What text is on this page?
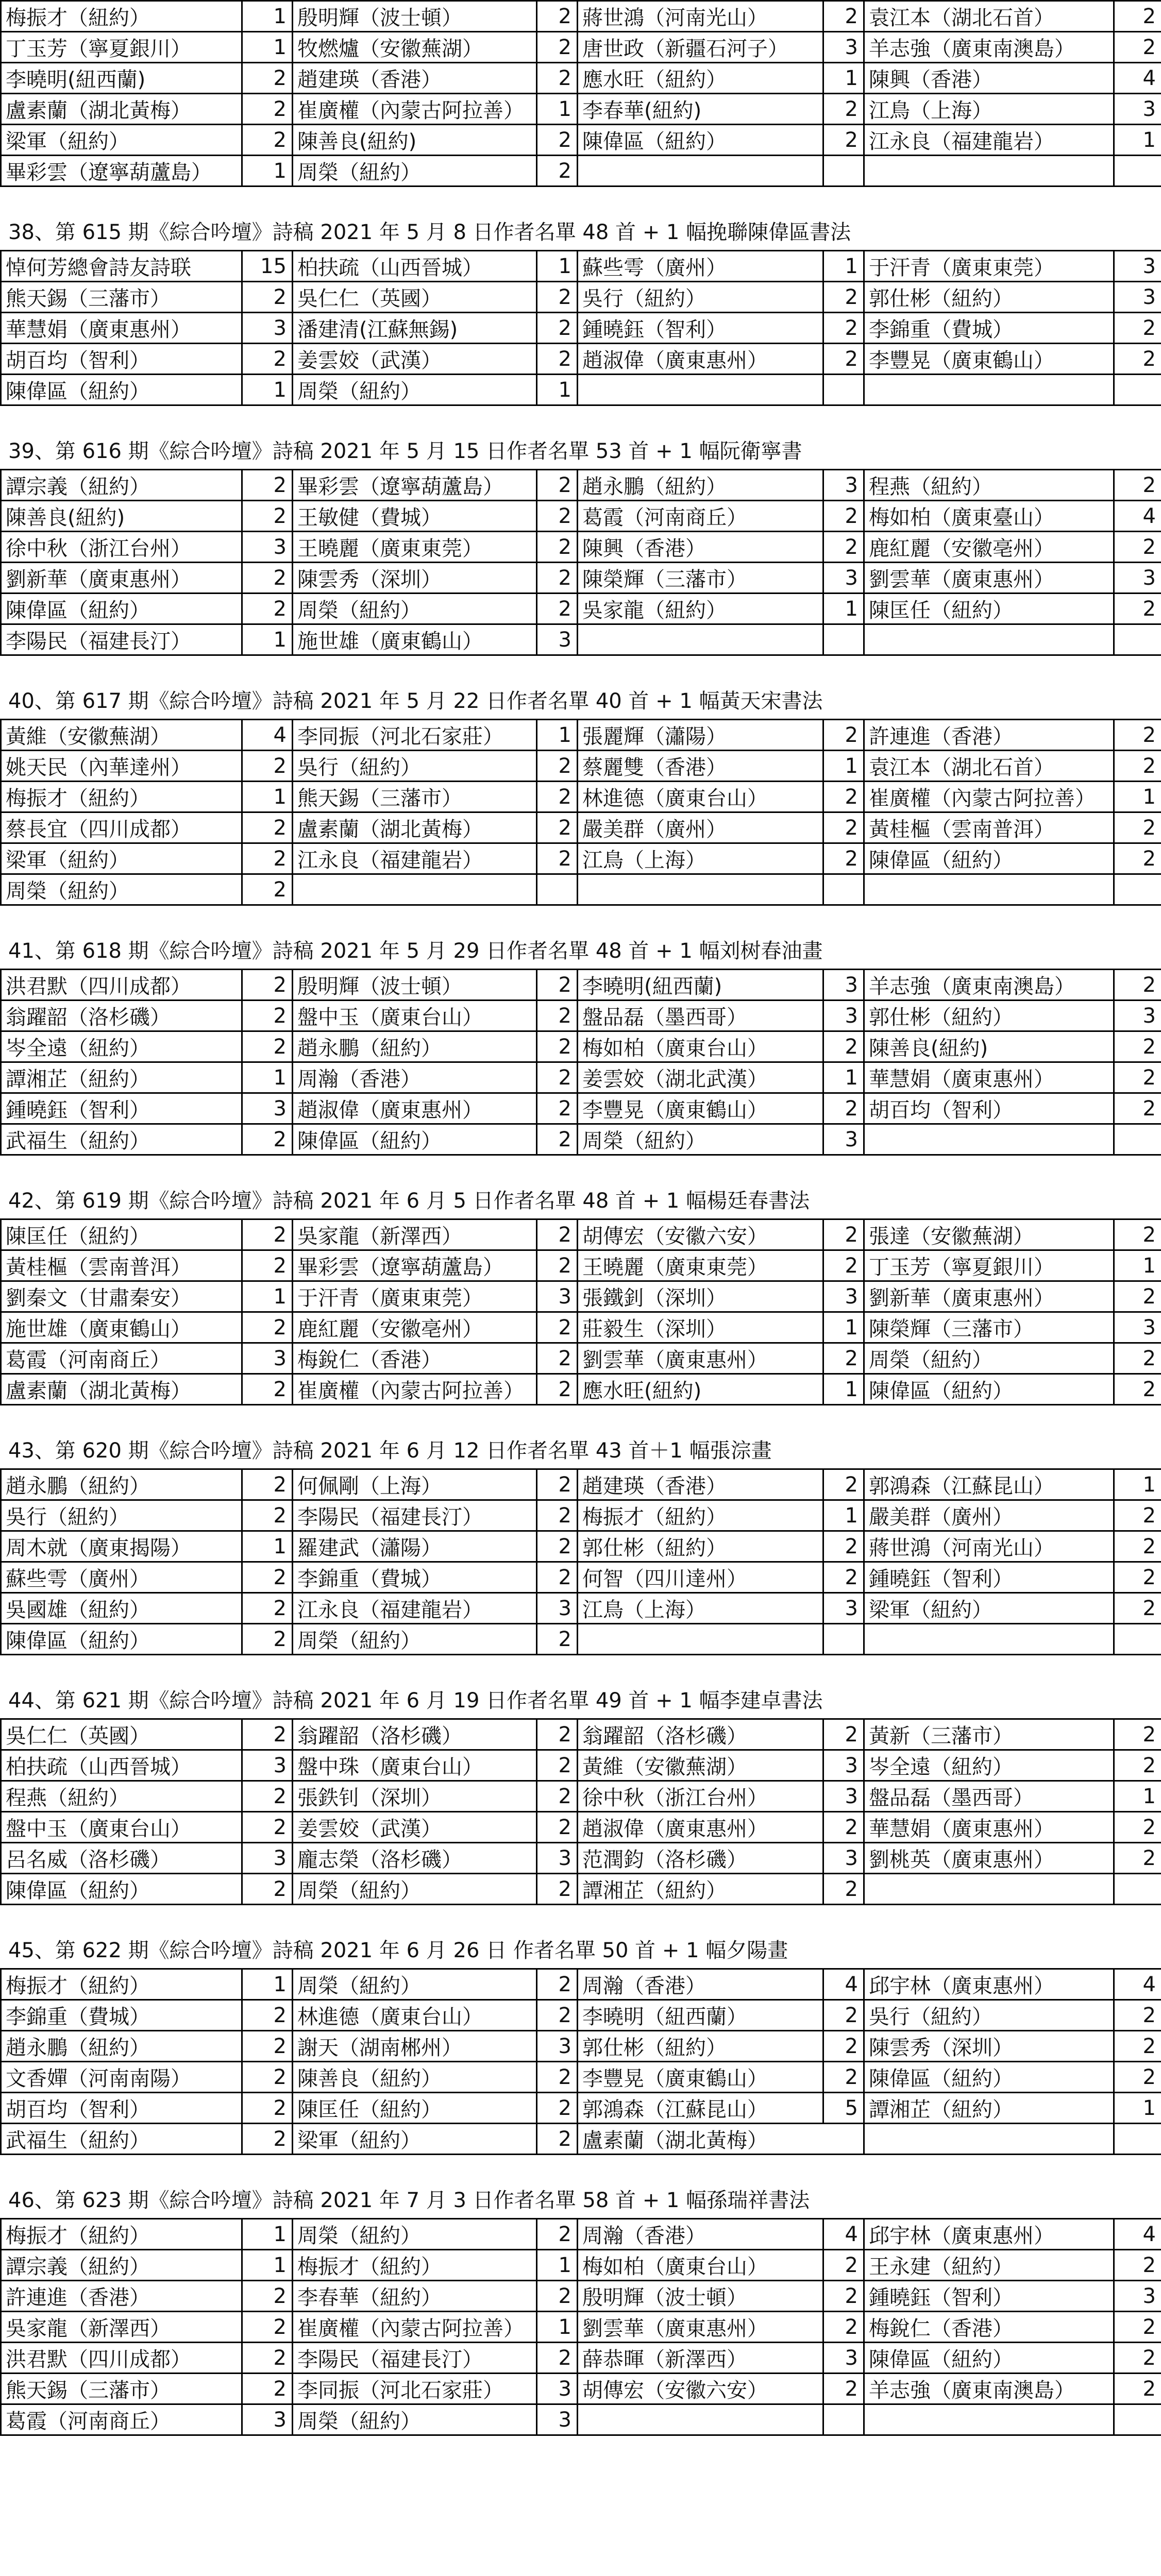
梅振才（紐約）	1	殷明輝（波士頓）	2	蔣世鴻（河南光山）	2	袁江本（湖北石首）	2
丁玉芳（寧夏銀川）	1	牧燃爐（安徽蕪湖）	2	唐世政（新疆石河子）	3	羊志強（廣東南澳島）	2
李曉明(紐西蘭)	2	趙建瑛（香港）	2	應水旺（紐約）	1	陳興（香港）	4
盧素蘭（湖北黃梅）	2	崔廣權（內蒙古阿拉善）	1	李春華(紐約)	2	江鳥（上海）	3
梁軍（紐約）	2	陳善良(紐約)	2	陳偉區（紐約）	2	江永良（福建龍岩）	1
畢彩雲（遼寧葫蘆島）	1	周榮（紐約）	2				
38、第 615 期《綜合吟壇》詩稿 2021 年 5 月 8 日作者名單 48 首 + 1 幅挽聯陳偉區書法
悼何芳總會詩友詩联	15	柏扶疏（山西晉城）	1	蘇些雩（廣州）	1	于汗青（廣東東莞）	3
熊天錫（三藩市）	2	吳仁仁（英國）	2	吳行（紐約）	2	郭仕彬（紐約）	3
華慧娟（廣東惠州）	3	潘建清(江蘇無錫)	2	鍾曉鈺（智利）	2	李錦重（費城）	2
胡百均（智利）	2	姜雲姣（武漢）	2	趙淑偉（廣東惠州）	2	李豐晃（廣東鶴山）	2
陳偉區（紐約）	1	周榮（紐約）	1				
39、第 616 期《綜合吟壇》詩稿 2021 年 5 月 15 日作者名單 53 首 + 1 幅阮衛寧書
譚宗義（紐約）	2	畢彩雲（遼寧葫蘆島）	2	趙永鵬（紐約）	3	程燕（紐約）	2
陳善良(紐約)	2	王敏健（費城）	2	葛霞（河南商丘）	2	梅如柏（廣東臺山）	4
徐中秋（浙江台州）	3	王曉麗（廣東東莞）	2	陳興（香港）	2	鹿紅麗（安徽亳州）	2
劉新華（廣東惠州）	2	陳雲秀（深圳）	2	陳榮輝（三藩市）	3	劉雲華（廣東惠州）	3
陳偉區（紐約）	2	周榮（紐約）	2	吳家龍（紐約）	1	陳匡任（紐約）	2
李陽民（福建長汀）	1	施世雄（廣東鶴山）	3				
40、第 617 期《綜合吟壇》詩稿 2021 年 5 月 22 日作者名單 40 首 + 1 幅黃天宋書法
黃維（安徽蕪湖）	4	李同振（河北石家莊）	1	張麗輝（瀟陽）	2	許連進（香港）	2
姚天民（內華達州）	2	吳行（紐約）	2	蔡麗雙（香港）	1	袁江本（湖北石首）	2
梅振才（紐約）	1	熊天錫（三藩市）	2	林進德（廣東台山）	2	崔廣權（內蒙古阿拉善）	1
蔡長宜（四川成都）	2	盧素蘭（湖北黃梅）	2	嚴美群（廣州）	2	黃桂樞（雲南普洱）	2
梁軍（紐約）	2	江永良（福建龍岩）	2	江鳥（上海）	2	陳偉區（紐約）	2
周榮（紐約）	2						
41、第 618 期《綜合吟壇》詩稿 2021 年 5 月 29 日作者名單 48 首 + 1 幅刘树春油畫
洪君默（四川成都）	2	殷明輝（波士頓）	2	李曉明(紐西蘭)	3	羊志強（廣東南澳島）	2
翁躍韶（洛杉磯）	2	盤中玉（廣東台山）	2	盤品磊（墨西哥）	3	郭仕彬（紐約）	3
岑全遠（紐約）	2	趙永鵬（紐約）	2	梅如柏（廣東台山）	2	陳善良(紐約)	2
譚湘芷（紐約）	1	周瀚（香港）	2	姜雲姣（湖北武漢）	1	華慧娟（廣東惠州）	2
鍾曉鈺（智利）	3	趙淑偉（廣東惠州）	2	李豐晃（廣東鶴山）	2	胡百均（智利）	2
武福生（紐約）	2	陳偉區（紐約）	2	周榮（紐約）	3		
42、第 619 期《綜合吟壇》詩稿 2021 年 6 月 5 日作者名單 48 首 + 1 幅楊廷春書法
陳匡任（紐約）	2	吳家龍（新澤西）	2	胡傳宏（安徽六安）	2	張達（安徽蕪湖）	2
黃桂樞（雲南普洱）	2	畢彩雲（遼寧葫蘆島）	2	王曉麗（廣東東莞）	2	丁玉芳（寧夏銀川）	1
劉秦文（甘肅秦安）	1	于汗青（廣東東莞）	3	張鐵釗（深圳）	3	劉新華（廣東惠州）	2
施世雄（廣東鶴山）	2	鹿紅麗（安徽亳州）	2	莊毅生（深圳）	1	陳榮輝（三藩市）	3
葛霞（河南商丘）	3	梅銳仁（香港）	2	劉雲華（廣東惠州）	2	周榮（紐約）	2
盧素蘭（湖北黃梅）	2	崔廣權（內蒙古阿拉善）	2	應水旺(紐約)	1	陳偉區（紐約）	2
43、第 620 期《綜合吟壇》詩稿 2021 年 6 月 12 日作者名單 43 首＋1 幅張淙畫
趙永鵬（紐約）	2	何佩剛（上海）	2	趙建瑛（香港）	2	郭鴻森（江蘇昆山）	1
吳行（紐約）	2	李陽民（福建長汀）	2	梅振才（紐約）	1	嚴美群（廣州）	2
周木就（廣東揭陽）	1	羅建武（瀟陽）	2	郭仕彬（紐約）	2	蔣世鴻（河南光山）	2
蘇些雩（廣州）	2	李錦重（費城）	2	何智（四川達州）	2	鍾曉鈺（智利）	2
吳國雄（紐約）	2	江永良（福建龍岩）	3	江鳥（上海）	3	梁軍（紐約）	2
陳偉區（紐約）	2	周榮（紐約）	2				
44、第 621 期《綜合吟壇》詩稿 2021 年 6 月 19 日作者名單 49 首 + 1 幅李建卓書法
吳仁仁（英國）	2	翁躍韶（洛杉磯）	2	翁躍韶（洛杉磯）	2	黃新（三藩市）	2
柏扶疏（山西晉城）	3	盤中珠（廣東台山）	2	黃維（安徽蕪湖）	3	岑全遠（紐約）	2
程燕（紐約）	2	張鉄钊（深圳）	2	徐中秋（浙江台州）	3	盤品磊（墨西哥）	1
盤中玉（廣東台山）	2	姜雲姣（武漢）	2	趙淑偉（廣東惠州）	2	華慧娟（廣東惠州）	2
呂名威（洛杉磯）	3	龐志榮（洛杉磯）	3	范潤鈞（洛杉磯）	3	劉桃英（廣東惠州）	2
陳偉區（紐約）	2	周榮（紐約）	2	譚湘芷（紐約）	2		
45、第 622 期《綜合吟壇》詩稿 2021 年 6 月 26 日 作者名單 50 首 + 1 幅夕陽畫
梅振才（紐約）	1	周榮（紐約）	2	周瀚（香港）	4	邱宇林（廣東惠州）	4
李錦重（費城）	2	林進德（廣東台山）	2	李曉明（紐西蘭）	2	吳行（紐約）	2
趙永鵬（紐約）	2	謝天（湖南郴州）	3	郭仕彬（紐約）	2	陳雲秀（深圳）	2
文香嬋（河南南陽）	2	陳善良（紐約）	2	李豐晃（廣東鶴山）	2	陳偉區（紐約）	2
胡百均（智利）	2	陳匡任（紐約）	2	郭鴻森（江蘇昆山）	5	譚湘芷（紐約）	1
武福生（紐約）	2	梁軍（紐約）	2	盧素蘭（湖北黃梅）			
46、第 623 期《綜合吟壇》詩稿 2021 年 7 月 3 日作者名單 58 首 + 1 幅孫瑞祥書法
梅振才（紐約）	1	周榮（紐約）	2	周瀚（香港）	4	邱宇林（廣東惠州）	4
譚宗義（紐約）	1	梅振才（紐約）	1	梅如柏（廣東台山）	2	王永建（紐約）	2
許連進（香港）	2	李春華（紐約）	2	殷明輝（波士頓）	2	鍾曉鈺（智利）	3
吳家龍（新澤西）	2	崔廣權（內蒙古阿拉善）	1	劉雲華（廣東惠州）	2	梅銳仁（香港）	2
洪君默（四川成都）	2	李陽民（福建長汀）	2	薛恭暉（新澤西）	3	陳偉區（紐約）	2
熊天錫（三藩市）	2	李同振（河北石家莊）	3	胡傳宏（安徽六安）	2	羊志強（廣東南澳島）	2
葛霞（河南商丘）	3	周榮（紐約）	3				
